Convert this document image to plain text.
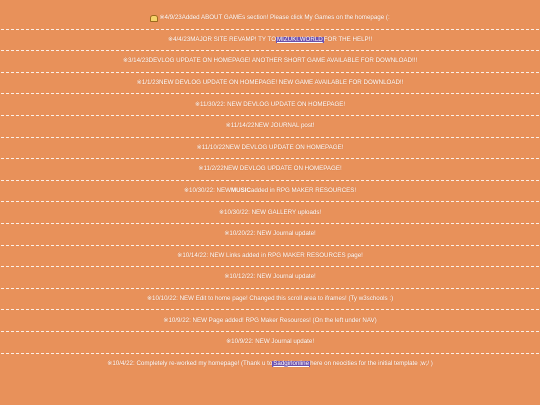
※ 4/9/23 Added ABOUT GAMEs section! Please click My Games on the homepage (:
※ 4/4/23 MAJOR SITE REVAMP! TY TO MIZUKI.WORLD FOR THE HELP!!
※ 3/14/23 DEVLOG UPDATE ON HOMEPAGE! ANOTHER SHORT GAME AVAILABLE FOR DOWNLOAD!!!
※ 1/1/23 NEW DEVLOG UPDATE ON HOMEPAGE! NEW GAME AVAILABLE FOR DOWNLOAD!!
※ 11/30/22 : NEW DEVLOG UPDATE ON HOMEPAGE!
※ 11/14/22 NEW JOURNAL post!
※ 11/10/22 NEW DEVLOG UPDATE ON HOMEPAGE!
※ 11/2/22 NEW DEVLOG UPDATE ON HOMEPAGE!
※ 10/30/22 : NEW MUSIC added in RPG MAKER RESOURCES!
※ 10/30/22 : NEW GALLERY uploads!
※ 10/20/22 : NEW Journal update!
※ 10/14/22 : NEW Links added in RPG MAKER RESOURCES page!
※ 10/12/22 : NEW Journal update!
※ 10/10/22 : NEW Edit to home page! Changed this scroll area to iframes! (Ty w3schools :)
※ 10/9/22 : NEW Page added! RPG Maker Resources! (On the left under NAV)
※ 10/9/22 : NEW Journal update!
※ 10/4/22 : Completely re-worked my homepage! (Thank u to Sadgirlonline here on neocities for the initial template ;w;/ )
